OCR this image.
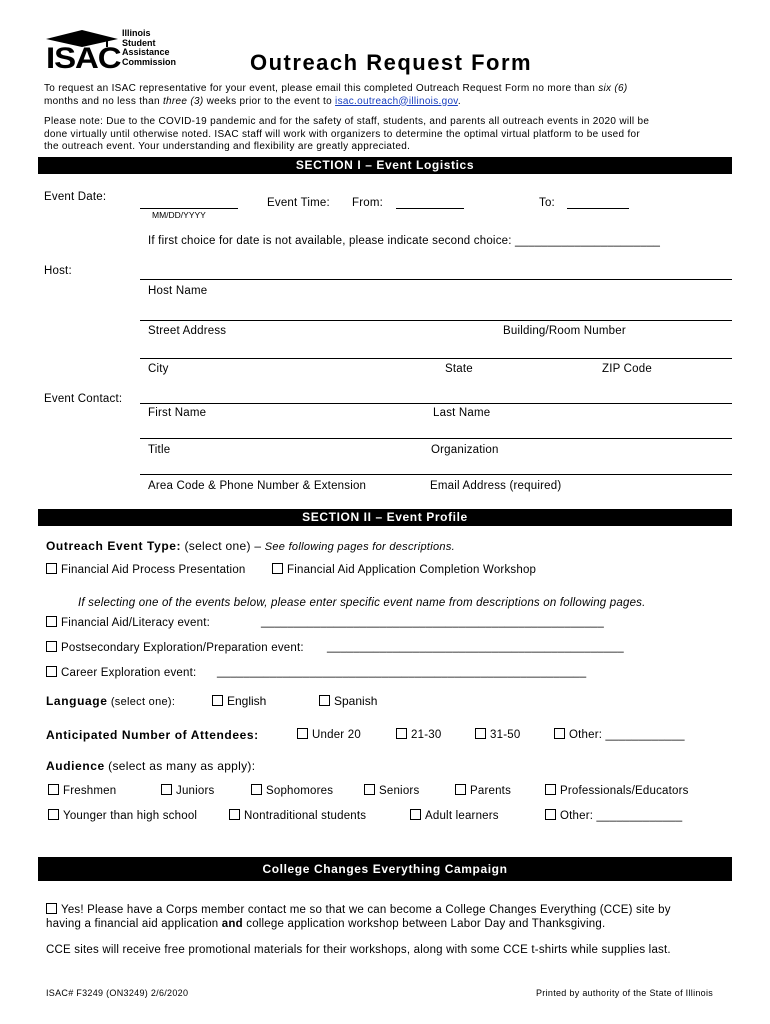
ISAC
Illinois
Student
Assistance
Commission	Outreach Request Form
To request an ISAC representative for your event, please email this completed Outreach Request Form no more than six (6)
months and no less than three (3) weeks prior to the event to isac.outreach@illinois.gov.
Please note: Due to the COVID-19 pandemic and for the safety of staff, students, and parents all outreach events in 2020 will be
done virtually until otherwise noted. ISAC staff will work with organizers to determine the optimal virtual platform to be used for
the outreach event. Your understanding and flexibility are greatly appreciated.
SECTION I – Event Logistics
Event Date:
MM/DD/YYYY
Event Time: From:	To:
If first choice for date is not available, please indicate second choice: ______________________
Host:
Host Name
Street Address	Building/Room Number
City	State	ZIP Code
Event Contact:
First Name	Last Name
Title	Organization
Area Code & Phone Number & Extension	Email Address (required)
SECTION II – Event Profile
Outreach Event Type: (select one) – See following pages for descriptions.
Financial Aid Process Presentation	Financial Aid Application Completion Workshop
If selecting one of the events below, please enter specific event name from descriptions on following pages.
Financial Aid/Literacy event:	____________________________________________________
Postsecondary Exploration/Preparation event: _____________________________________________
Career Exploration event: ________________________________________________________
Language (select one):	English	Spanish
Anticipated Number of Attendees:	Under 20	21-30	31-50	Other: ____________
Audience (select as many as apply):
Freshmen	Juniors	Sophomores	Seniors	Parents	Professionals/Educators
Younger than high school	Nontraditional students	Adult learners	Other: _____________
College Changes Everything Campaign
Yes! Please have a Corps member contact me so that we can become a College Changes Everything (CCE) site by
having a financial aid application and college application workshop between Labor Day and Thanksgiving.
CCE sites will receive free promotional materials for their workshops, along with some CCE t-shirts while supplies last.
ISAC# F3249 (ON3249) 2/6/2020	Printed by authority of the State of Illinois
